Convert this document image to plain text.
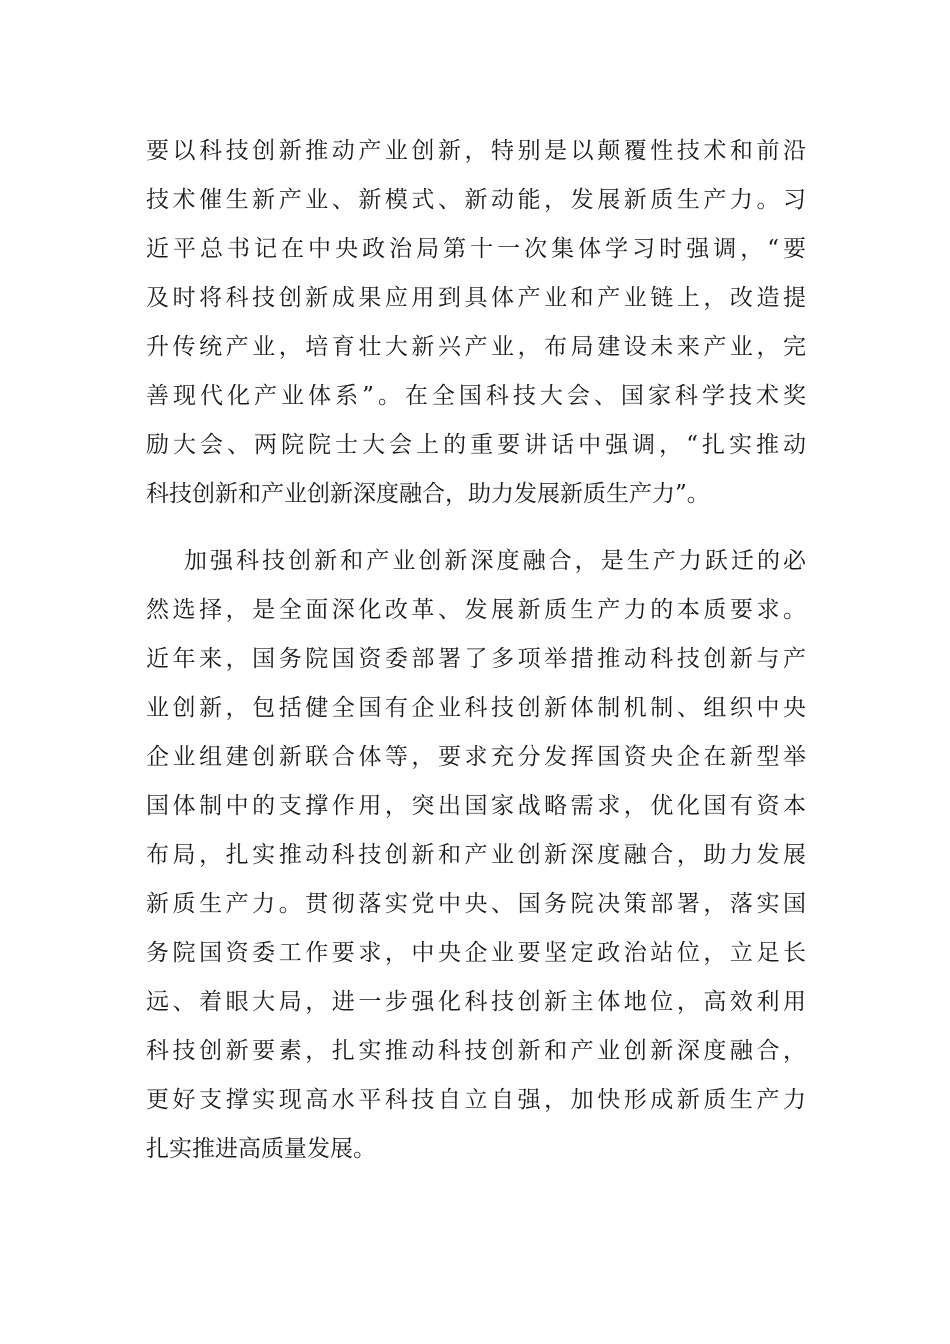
要以科技创新推动产业创新，特别是以颠覆性技术和前沿
技术催生新产业、新模式、新动能，发展新质生产力。习
近平总书记在中央政治局第十一次集体学习时强调，“要
及时将科技创新成果应用到具体产业和产业链上，改造提
升传统产业，培育壮大新兴产业，布局建设未来产业，完
善现代化产业体系”。在全国科技大会、国家科学技术奖
励大会、两院院士大会上的重要讲话中强调，“扎实推动
科技创新和产业创新深度融合，助力发展新质生产力”。
加强科技创新和产业创新深度融合，是生产力跃迁的必
然选择，是全面深化改革、发展新质生产力的本质要求。
近年来，国务院国资委部署了多项举措推动科技创新与产
业创新，包括健全国有企业科技创新体制机制、组织中央
企业组建创新联合体等，要求充分发挥国资央企在新型举
国体制中的支撑作用，突出国家战略需求，优化国有资本
布局，扎实推动科技创新和产业创新深度融合，助力发展
新质生产力。贯彻落实党中央、国务院决策部署，落实国
务院国资委工作要求，中央企业要坚定政治站位，立足长
远、着眼大局，进一步强化科技创新主体地位，高效利用
科技创新要素，扎实推动科技创新和产业创新深度融合，
更好支撑实现高水平科技自立自强，加快形成新质生产力
扎实推进高质量发展。
